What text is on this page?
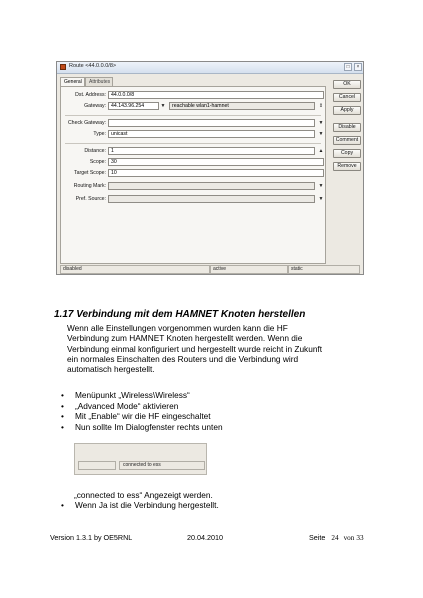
Route <44.0.0.0/8>	□	×
General	Attributes
Dst. Address: 44.0.0.0/8
Gateway: 44.143.96.254	▼	reachable wlan1-hamnet	⇕
Check Gateway:	▼
Type: unicast	▼
Distance: 1	▲
Scope: 30
Target Scope: 10
Routing Mark:	▼
Pref. Source:	▼
OK
Cancel
Apply
Disable
Comment
Copy
Remove
disabled	active	static
1.17 Verbindung mit dem HAMNET Knoten herstellen
Wenn alle Einstellungen vorgenommen wurden kann die HF
Verbindung zum HAMNET Knoten hergestellt werden. Wenn die
Verbindung einmal konfiguriert und hergestellt wurde reicht in Zukunft
ein normales Einschalten des Routers und die Verbindung wird
automatisch hergestellt.
• Menüpunkt „Wireless\Wireless“
• „Advanced Mode“ aktivieren
• Mit „Enable“ wir die HF eingeschaltet
• Nun sollte Im Dialogfenster rechts unten
connected to ess
„connected to ess“ Angezeigt werden.
• Wenn Ja ist die Verbindung hergestellt.
Version 1.3.1 by OE5RNL	20.04.2010	Seite 24 von 33
